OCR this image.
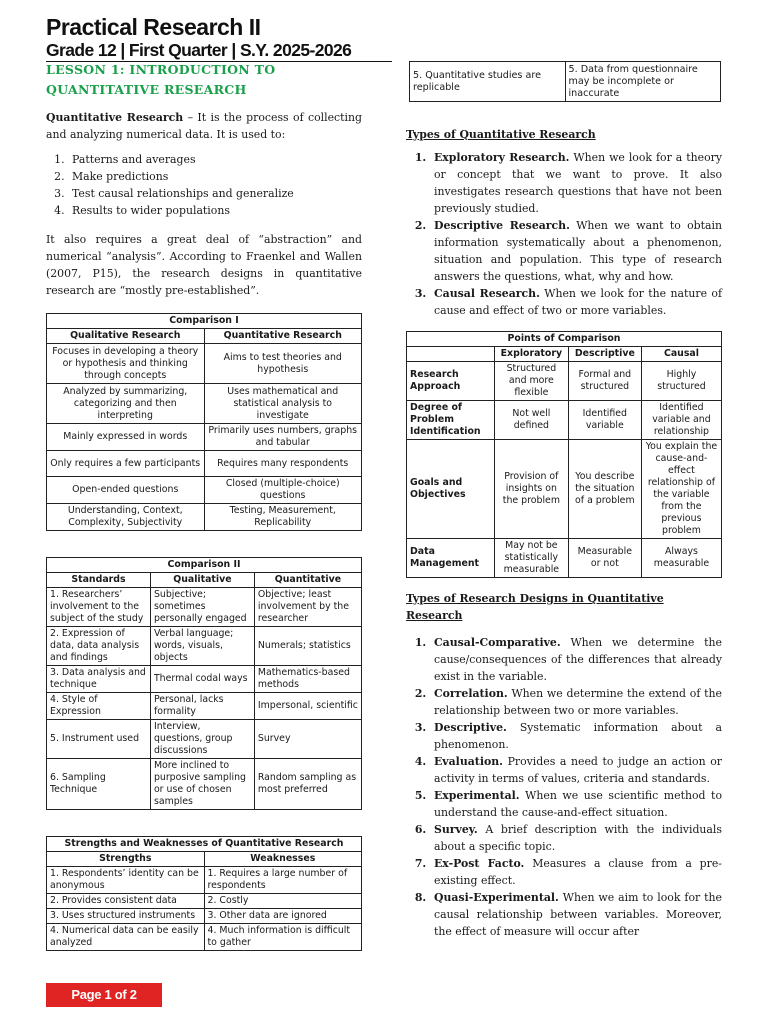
Practical Research II
Grade 12 | First Quarter | S.Y. 2025-2026
LESSON 1: INTRODUCTION TO
QUANTITATIVE RESEARCH

Quantitative Research – It is the process of collecting and analyzing numerical data. It is used to:

1. Patterns and averages
2. Make predictions
3. Test causal relationships and generalize
4. Results to wider populations

It also requires a great deal of “abstraction” and numerical “analysis”. According to Fraenkel and Wallen (2007, P15), the research designs in quantitative research are “mostly pre-established”.

Comparison I	
Qualitative Research	Quantitative Research
Focuses in developing a theory or hypothesis and thinking through concepts	Aims to test theories and hypothesis
Analyzed by summarizing, categorizing and then interpreting	Uses mathematical and statistical analysis to investigate
Mainly expressed in words	Primarily uses numbers, graphs and tabular
Only requires a few participants	Requires many respondents
Open-ended questions	Closed (multiple-choice) questions
Understanding, Context, Complexity, Subjectivity	Testing, Measurement, Replicability
Comparison II		
Standards	Qualitative	Quantitative
1. Researchers’ involvement to the subject of the study	Subjective; sometimes personally engaged	Objective; least involvement by the researcher
2. Expression of data, data analysis and findings	Verbal language; words, visuals, objects	Numerals; statistics
3. Data analysis and technique	Thermal codal ways	Mathematics-based methods
4. Style of Expression	Personal, lacks formality	Impersonal, scientific
5. Instrument used	Interview, questions, group discussions	Survey
6. Sampling Technique	More inclined to purposive sampling or use of chosen samples	Random sampling as most preferred
Strengths and Weaknesses of Quantitative Research	
Strengths	Weaknesses
1. Respondents’ identity can be anonymous	1. Requires a large number of respondents
2. Provides consistent data	2. Costly
3. Uses structured instruments	3. Other data are ignored
4. Numerical data can be easily analyzed	4. Much information is difficult to gather
5. Quantitative studies are replicable	5. Data from questionnaire may be incomplete or inaccurate
Types of Quantitative Research
1. Exploratory Research. When we look for a theory or concept that we want to prove. It also investigates research questions that have not been previously studied.
2. Descriptive Research. When we want to obtain information systematically about a phenomenon, situation and population. This type of research answers the questions, what, why and how.
3. Causal Research. When we look for the nature of cause and effect of two or more variables.
Points of Comparison			
	Exploratory	Descriptive	Causal
Research Approach	Structured and more flexible	Formal and structured	Highly structured
Degree of Problem Identification	Not well defined	Identified variable	Identified variable and relationship
Goals and Objectives	Provision of insights on the problem	You describe the situation of a problem	You explain the cause-and-effect relationship of the variable from the previous problem
Data Management	May not be statistically measurable	Measurable or not	Always measurable
Types of Research Designs in Quantitative Research
1. Causal-Comparative. When we determine the cause/consequences of the differences that already exist in the variable.
2. Correlation. When we determine the extend of the relationship between two or more variables.
3. Descriptive. Systematic information about a phenomenon.
4. Evaluation. Provides a need to judge an action or activity in terms of values, criteria and standards.
5. Experimental. When we use scientific method to understand the cause-and-effect situation.
6. Survey. A brief description with the individuals about a specific topic.
7. Ex-Post Facto. Measures a clause from a pre-existing effect.
8. Quasi-Experimental. When we aim to look for the causal relationship between variables. Moreover, the effect of measure will occur after
Page 1 of 2
